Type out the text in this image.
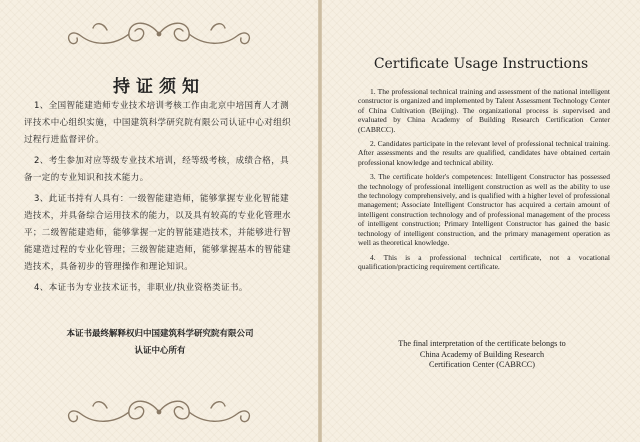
持证须知

1、全国智能建造师专业技术培训考核工作由北京中培国育人才测评技术中心组织实施，中国建筑科学研究院有限公司认证中心对组织过程行进监督评价。

2、考生参加对应等级专业技术培训，经等级考核，成绩合格，具备一定的专业知识和技术能力。

3、此证书持有人具有：一级智能建造师，能够掌握专业化智能建造技术，并具备综合运用技术的能力，以及具有较高的专业化管理水平；二级智能建造师，能够掌握一定的智能建造技术，并能够进行智能建造过程的专业化管理；三级智能建造师，能够掌握基本的智能建造技术，具备初步的管理操作和理论知识。

4、本证书为专业技术证书，非职业/执业资格类证书。

本证书最终解释权归中国建筑科学研究院有限公司
认证中心所有
Certificate Usage Instructions

1. The professional technical training and assessment of the national intelligent constructor is organized and implemented by Talent Assessment Technology Center of China Cultivation (Beijing). The organizational process is supervised and evaluated by China Academy of Building Research Certification Center (CABRCC).

2. Candidates participate in the relevant level of professional technical training. After assessments and the results are qualified, candidates have obtained certain professional knowledge and technical ability.

3. The certificate holder's competences: Intelligent Constructor has possessed the technology of professional intelligent construction as well as the ability to use the technology comprehensively, and is qualified with a higher level of professional management; Associate Intelligent Constructor has acquired a certain amount of intelligent construction technology and of professional management of the process of intelligent construction; Primary Intelligent Constructor has gained the basic technology of intelligent construction, and the primary management operation as well as theoretical knowledge.

4. This is a professional technical certificate, not a vocational qualification/practicing requirement certificate.

The final interpretation of the certificate belongs to
China Academy of Building Research
Certification Center (CABRCC)
